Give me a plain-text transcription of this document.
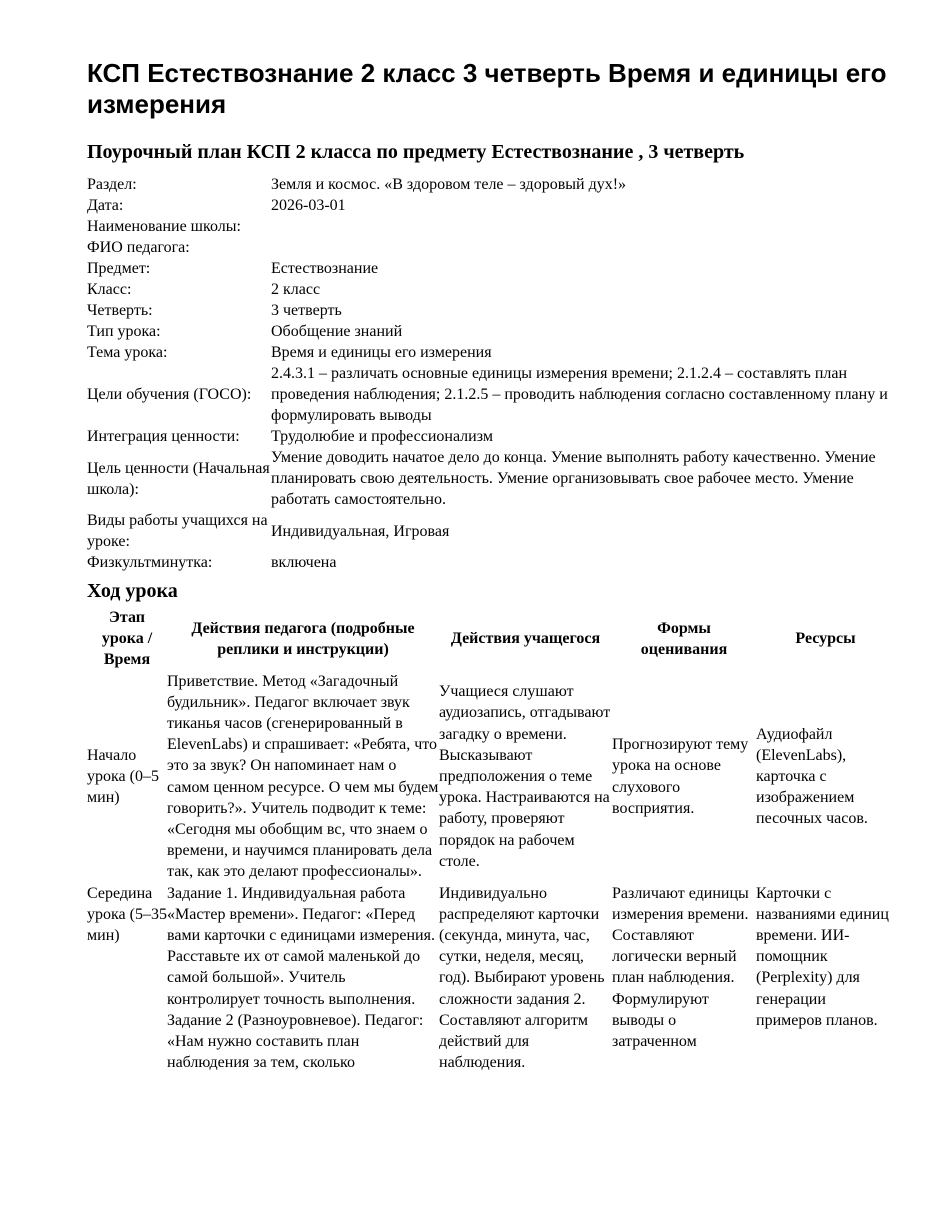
КСП Естествознание 2 класс 3 четверть Время и единицы его измерения
Поурочный план КСП 2 класса по предмету Естествознание , 3 четверть
Раздел:	Земля и космос. «В здоровом теле – здоровый дух!»
Дата:	2026-03-01
Наименование школы:	
ФИО педагога:	
Предмет:	Естествознание
Класс:	2 класс
Четверть:	3 четверть
Тип урока:	Обобщение знаний
Тема урока:	Время и единицы его измерения
Цели обучения (ГОСО):	2.4.3.1 – различать основные единицы измерения времени; 2.1.2.4 – составлять план проведения наблюдения; 2.1.2.5 – проводить наблюдения согласно составленному плану и формулировать выводы
Интеграция ценности:	Трудолюбие и профессионализм
Цель ценности (Начальная школа):	Умение доводить начатое дело до конца. Умение выполнять работу качественно. Умение планировать свою деятельность. Умение организовывать свое рабочее место. Умение работать самостоятельно.
Виды работы учащихся на уроке:	Индивидуальная, Игровая
Физкультминутка:	включена
Ход урока
Этап урока / Время	Действия педагога (подробные реплики и инструкции)	Действия учащегося	Формы оценивания	Ресурсы
Начало урока (0–5 мин)	Приветствие. Метод «Загадочный будильник». Педагог включает звук тиканья часов (сгенерированный в ElevenLabs) и спрашивает: «Ребята, что это за звук? Он напоминает нам о самом ценном ресурсе. О чем мы будем говорить?». Учитель подводит к теме: «Сегодня мы обобщим вс, что знаем о времени, и научимся планировать дела так, как это делают профессионалы».	Учащиеся слушают аудиозапись, отгадывают загадку о времени. Высказывают предположения о теме урока. Настраиваются на работу, проверяют порядок на рабочем столе.	Прогнозируют тему урока на основе слухового восприятия.	Аудиофайл (ElevenLabs), карточка с изображением песочных часов.
Середина урока (5–35 мин)	Задание 1. Индивидуальная работа «Мастер времени». Педагог: «Перед вами карточки с единицами измерения. Расставьте их от самой маленькой до самой большой». Учитель контролирует точность выполнения. Задание 2 (Разноуровневое). Педагог: «Нам нужно составить план наблюдения за тем, сколько	Индивидуально распределяют карточки (секунда, минута, час, сутки, неделя, месяц, год). Выбирают уровень сложности задания 2. Составляют алгоритм действий для наблюдения.	Различают единицы измерения времени. Составляют логически верный план наблюдения. Формулируют выводы о затраченном	Карточки с названиями единиц времени. ИИ-помощник (Perplexity) для генерации примеров планов.
